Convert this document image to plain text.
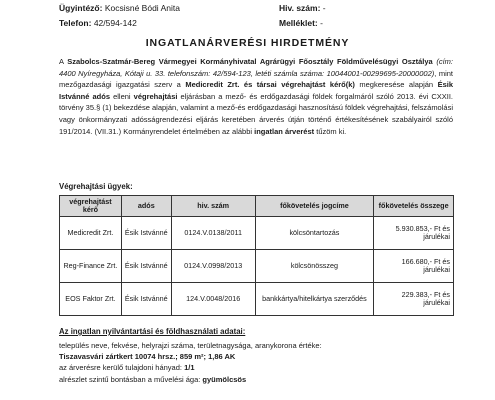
Ügyintéző: Kocsisné Bódi Anita	Hiv. szám: -
Telefon: 42/594-142	Melléklet: -
INGATLANÁRVERÉSI HIRDETMÉNY
A Szabolcs-Szatmár-Bereg Vármegyei Kormányhivatal Agrárügyi Főosztály Földművelésügyi Osztálya (cím: 4400 Nyíregyháza, Kótaji u. 33. telefonszám: 42/594-123, letéti számla száma: 10044001-00299695-20000002), mint mezőgazdasági igazgatási szerv a Medicredit Zrt. és társai végrehajtást kérő(k) megkeresése alapján Ésik Istvánné adós elleni végrehajtási eljárásban a mező- és erdőgazdasági földek forgalmáról szóló 2013. évi CXXII. törvény 35.§ (1) bekezdése alapján, valamint a mező-és erdőgazdasági hasznosítású földek végrehajtási, felszámolási vagy önkormányzati adósságrendezési eljárás keretében árverés útján történő értékesítésének szabályairól szóló 191/2014. (VII.31.) Kormányrendelet értelmében az alábbi ingatlan árverést tűzöm ki.
Végrehajtási ügyek:
végrehajtást kérő	adós	hiv. szám	főkövetelés jogcíme	főkövetelés összege
Medicredit Zrt.	Ésik Istvánné	0124.V.0138/2011	kölcsöntartozás	5.930.853,- Ft és járulékai
Reg-Finance Zrt.	Ésik Istvánné	0124.V.0998/2013	kölcsönösszeg	166.680,- Ft és járulékai
EOS Faktor Zrt.	Ésik Istvánné	124.V.0048/2016	bankkártya/hitelkártya szerződés	229.383,- Ft és járulékai
Az ingatlan nyilvántartási és földhasználati adatai:
település neve, fekvése, helyrajzi száma, területnagysága, aranykorona értéke:
Tiszavasvári zártkert 10074 hrsz.; 859 m²; 1,86 AK
az árverésre kerülő tulajdoni hányad: 1/1
alrészlet szintű bontásban a művelési ága: gyümölcsös
